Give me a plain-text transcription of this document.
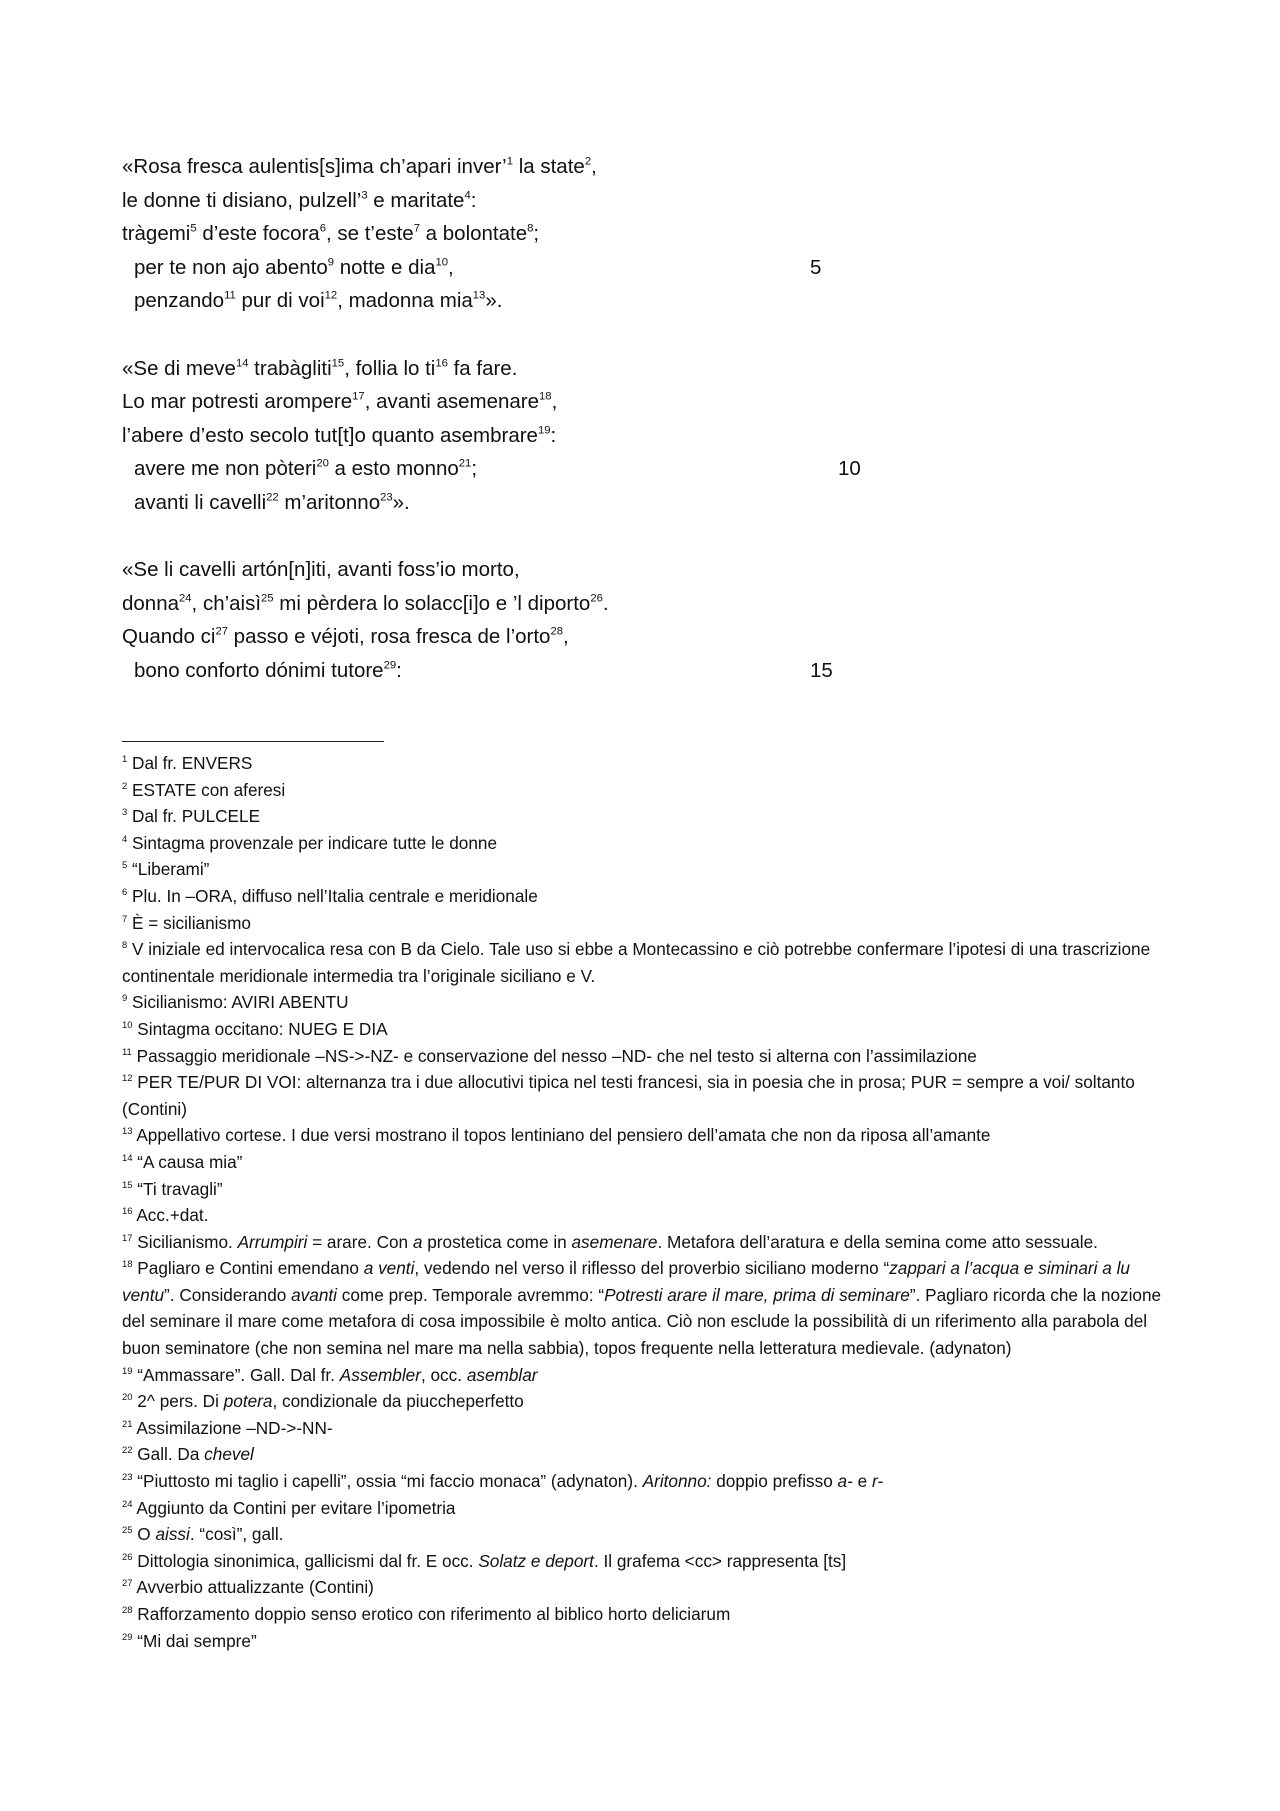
«Rosa fresca aulentis[s]ima ch’apari inver’$^1$ la state$^2$,
le donne ti disiano, pulzell’$^3$ e maritate$^4$:
tràgemi$^5$ d’este focora$^6$, se t’este$^7$ a bolontate$^8$;
per te non ajo abento$^9$ notte e dia$^{10}$,	5
penzando$^{11}$ pur di voi$^{12}$, madonna mia$^{13}$».
«Se di meve$^{14}$ trabàgliti$^{15}$, follia lo $ti^{16}$ fa fare.
Lo mar potresti arompere$^{17}$, avanti asemenare$^{18}$,
l’abere d’esto secolo tut[t]o quanto asembrare$^{19}$:
avere me non pòteri$^{20}$ a esto monno$^{21}$;	10
avanti li cavelli$^{22}$ m’aritonno$^{23}$».
«Se li cavelli artón[n]iti, avanti foss’io morto,
donna$^{24}$, ch’aisì$^{25}$ mi pèrdera lo solacc[i]o e ’l diporto$^{26}$.
Quando $ci^{27}$ passo e véjoti, rosa fresca de l’orto$^{28}$,
bono conforto dónimi tutore$^{29}$:	15
$^1$ Dal fr. ENVERS
$^2$ ESTATE con aferesi
$^3$ Dal fr. PULCELE
$^4$ Sintagma provenzale per indicare tutte le donne
$^5$ “Liberami”
$^6$ Plu. In –ORA, diffuso nell’Italia centrale e meridionale
$^7$ È = sicilianismo
$^8$ V iniziale ed intervocalica resa con B da Cielo. Tale uso si ebbe a Montecassino e ciò potrebbe confermare l’ipotesi di una trascrizione continentale meridionale intermedia tra l’originale siciliano e V.
$^9$ Sicilianismo: AVIRI ABENTU
$^{10}$ Sintagma occitano: NUEG E DIA
$^{11}$ Passaggio meridionale –NS->-NZ- e conservazione del nesso –ND- che nel testo si alterna con l’assimilazione
$^{12}$ PER TE/PUR DI VOI: alternanza tra i due allocutivi tipica nel testi francesi, sia in poesia che in prosa; PUR = sempre a voi/ soltanto (Contini)
$^{13}$ Appellativo cortese. I due versi mostrano il topos lentiniano del pensiero dell’amata che non da riposa all’amante
$^{14}$ “A causa mia”
$^{15}$ “Ti travagli”
$^{16}$ Acc.+dat.
$^{17}$ Sicilianismo. Arrumpiri = arare. Con a prostetica come in asemenare. Metafora dell’aratura e della semina come atto sessuale.
$^{18}$ Pagliaro e Contini emendano a venti, vedendo nel verso il riflesso del proverbio siciliano moderno “zappari a l’acqua e siminari a lu ventu”. Considerando avanti come prep. Temporale avremmo: “Potresti arare il mare, prima di seminare”. Pagliaro ricorda che la nozione del seminare il mare come metafora di cosa impossibile è molto antica. Ciò non esclude la possibilità di un riferimento alla parabola del buon seminatore (che non semina nel mare ma nella sabbia), topos frequente nella letteratura medievale. (adynaton)
$^{19}$ “Ammassare”. Gall. Dal fr. Assembler, occ. asemblar
$^{20}$ 2^ pers. Di potera, condizionale da piuccheperfetto
$^{21}$ Assimilazione –ND->-NN-
$^{22}$ Gall. Da chevel
$^{23}$ “Piuttosto mi taglio i capelli”, ossia “mi faccio monaca” (adynaton). Aritonno: doppio prefisso a- e r-
$^{24}$ Aggiunto da Contini per evitare l’ipometria
$^{25}$ O aissi. “così”, gall.
$^{26}$ Dittologia sinonimica, gallicismi dal fr. E occ. Solatz e deport. Il grafema <cc> rappresenta [ts]
$^{27}$ Avverbio attualizzante (Contini)
$^{28}$ Rafforzamento doppio senso erotico con riferimento al biblico horto deliciarum
$^{29}$ “Mi dai sempre”
